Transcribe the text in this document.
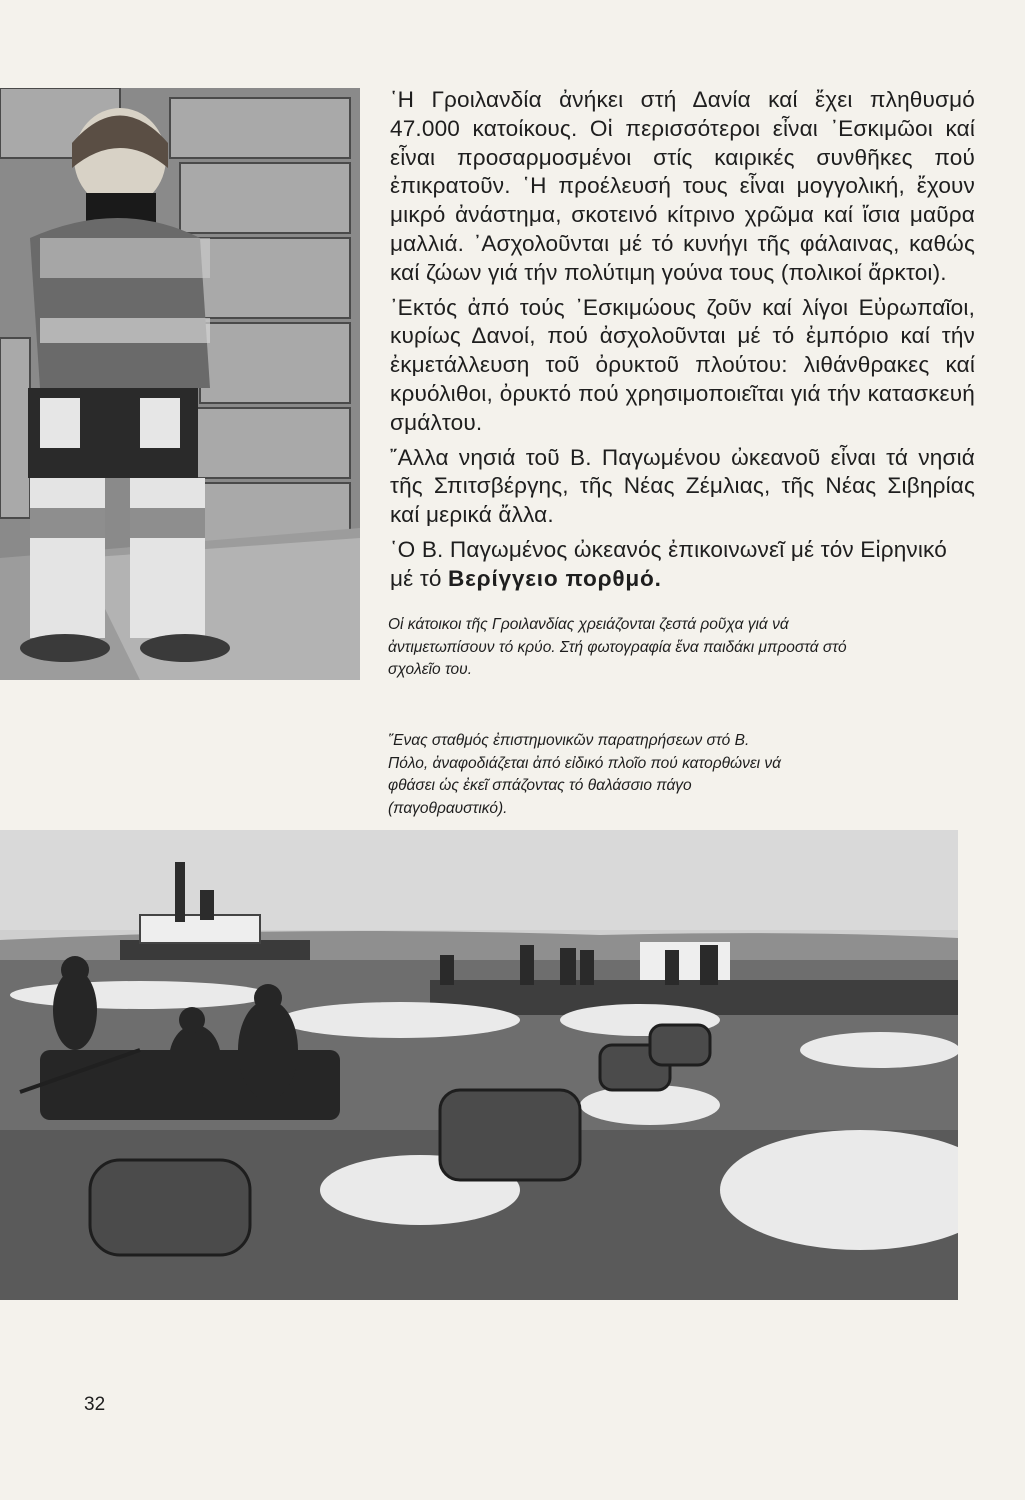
῾Η Γροιλανδία ἀνήκει στή Δανία καί ἔχει πληθυσμό 47.000 κατοίκους. Οἱ περισσότεροι εἶναι ᾿Εσκιμῶοι καί εἶναι προσαρμοσμένοι στίς καιρικές συνθῆκες πού ἐπικρατοῦν. ῾Η προέλευσή τους εἶναι μογγολική, ἔχουν μικρό ἀνάστημα, σκοτεινό κίτρινο χρῶμα καί ἴσια μαῦρα μαλλιά. ᾿Ασχολοῦνται μέ τό κυνήγι τῆς φάλαινας, καθώς καί ζώων γιά τήν πολύτιμη γούνα τους (πολικοί ἄρκτοι).

᾿Εκτός ἀπό τούς ᾿Εσκιμώους ζοῦν καί λίγοι Εὐρωπαῖοι, κυρίως Δανοί, πού ἀσχολοῦνται μέ τό ἐμπόριο καί τήν ἐκμετάλλευση τοῦ ὀρυκτοῦ πλούτου: λιθάνθρακες καί κρυόλιθοι, ὀρυκτό πού χρησιμοποιεῖται γιά τήν κατασκευή σμάλτου.

῎Αλλα νησιά τοῦ Β. Παγωμένου ὠκεανοῦ εἶναι τά νησιά τῆς Σπιτσβέργης, τῆς Νέας Ζέμλιας, τῆς Νέας Σιβηρίας καί μερικά ἄλλα.

῾Ο Β. Παγωμένος ὠκεανός ἐπικοινωνεῖ μέ τόν Εἰρηνικό μέ τό Βερίγγειο πορθμό.

Οἱ κάτοικοι τῆς Γροιλανδίας χρειάζονται ζεστά ροῦχα γιά νά ἀντιμετωπίσουν τό κρύο. Στή φωτογραφία ἕνα παιδάκι μπροστά στό σχολεῖο του.
῞Ενας σταθμός ἐπιστημονικῶν παρατηρήσεων στό Β. Πόλο, ἀναφοδιάζεται ἀπό εἰδικό πλοῖο πού κατορθώνει νά φθάσει ὡς ἐκεῖ σπάζοντας τό θαλάσσιο πάγο (παγοθραυστικό).
32
